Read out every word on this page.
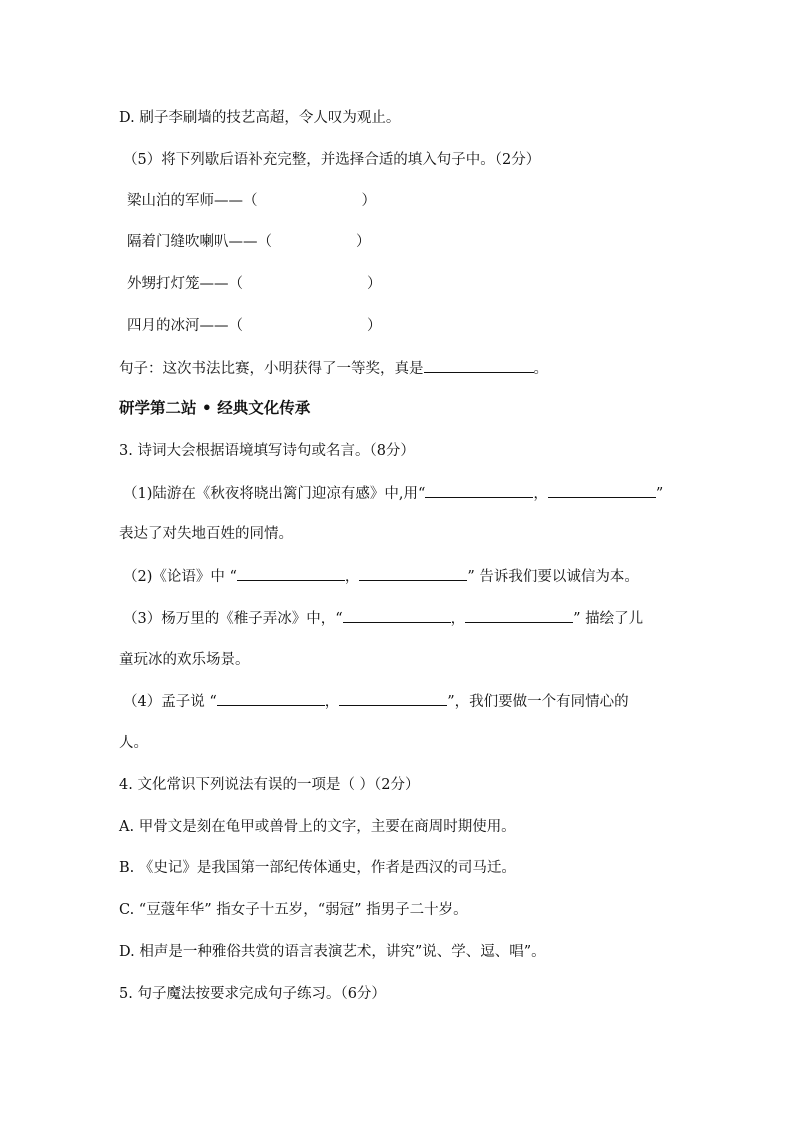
D. 刷子李刷墙的技艺高超，令人叹为观止。
（5）将下列歇后语补充完整，并选择合适的填入句子中。（2分）
梁山泊的军师——（	）
隔着门缝吹喇叭——（	）
外甥打灯笼——（	）
四月的冰河——（	）
句子：这次书法比赛，小明获得了一等奖，真是	。
研学第二站 • 经典文化传承
3. 诗词大会根据语境填写诗句或名言。（8分）
（1)陆游在《秋夜将晓出篱门迎凉有感》中,用“	，	”
表达了对失地百姓的同情。
（2)《论语》中 “	，	” 告诉我们要以诚信为本。
（3）杨万里的《稚子弄冰》中，“	，	” 描绘了儿
童玩冰的欢乐场景。
（4）孟子说 “	，	”，我们要做一个有同情心的
人。
4. 文化常识下列说法有误的一项是（ ）（2分）
A. 甲骨文是刻在龟甲或兽骨上的文字，主要在商周时期使用。
B. 《史记》是我国第一部纪传体通史，作者是西汉的司马迁。
C. “豆蔻年华” 指女子十五岁，“弱冠” 指男子二十岁。
D. 相声是一种雅俗共赏的语言表演艺术，讲究”说、学、逗、唱”。
5. 句子魔法按要求完成句子练习。（6分）
